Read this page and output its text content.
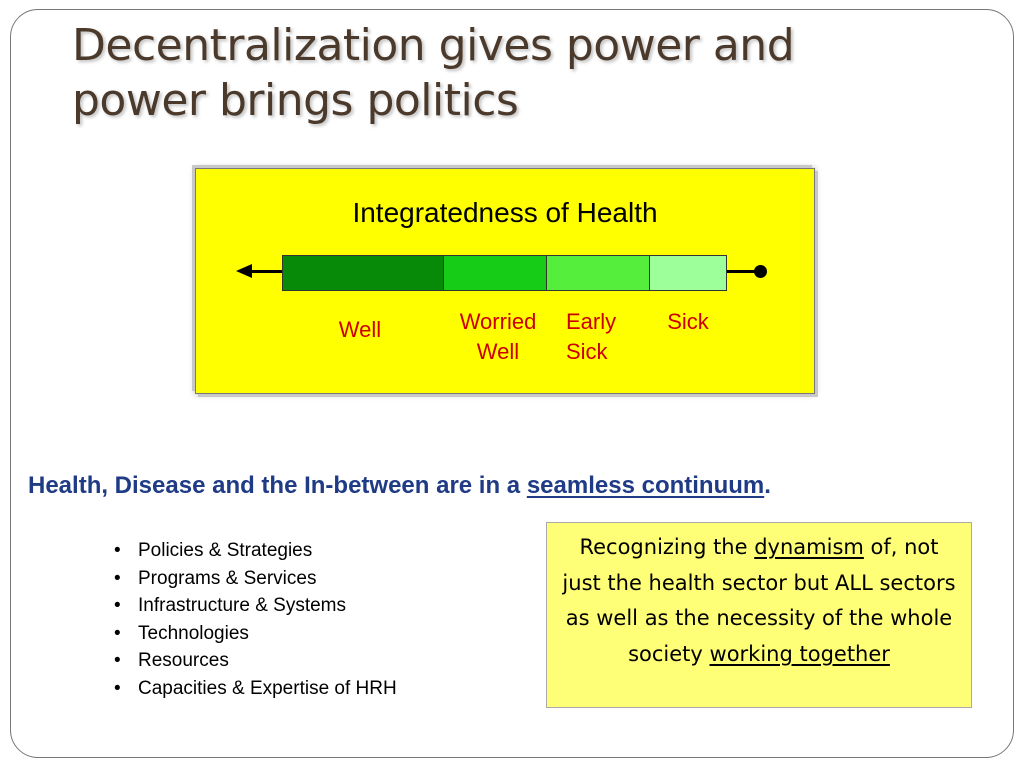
Decentralization gives power and
power brings politics
Integratedness of Health
Well	Worried
Well
Early
Sick
Sick
Health, Disease and the In-between are in a seamless continuum.
• Policies & Strategies
• Programs & Services
• Infrastructure & Systems
• Technologies
• Resources
• Capacities & Expertise of HRH
Recognizing the dynamism of, not just the health sector but ALL sectors as well as the necessity of the whole society working together
